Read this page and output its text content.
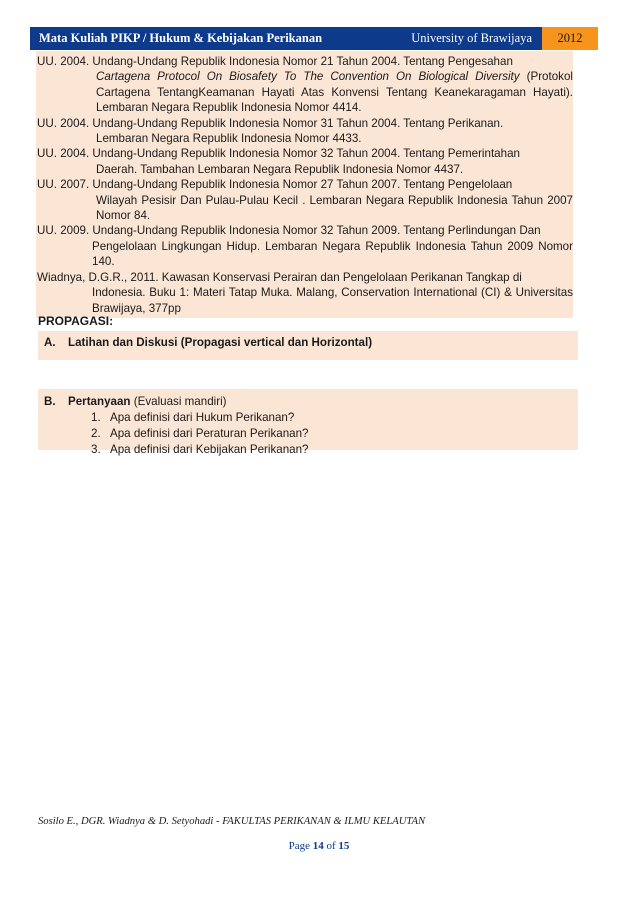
Mata Kuliah PIKP / Hukum & Kebijakan Perikanan	University of Brawijaya	2012
UU. 2004. Undang-Undang Republik Indonesia Nomor 21 Tahun 2004. Tentang Pengesahan
Cartagena Protocol On Biosafety To The Convention On Biological Diversity (Protokol Cartagena TentangKeamanan Hayati Atas Konvensi Tentang Keanekaragaman Hayati). Lembaran Negara Republik Indonesia Nomor 4414.
UU. 2004. Undang-Undang Republik Indonesia Nomor 31 Tahun 2004. Tentang Perikanan.
Lembaran Negara Republik Indonesia Nomor 4433.
UU. 2004. Undang-Undang Republik Indonesia Nomor 32 Tahun 2004. Tentang Pemerintahan
Daerah. Tambahan Lembaran Negara Republik Indonesia Nomor 4437.
UU. 2007. Undang-Undang Republik Indonesia Nomor 27 Tahun 2007. Tentang Pengelolaan
Wilayah Pesisir Dan Pulau-Pulau Kecil . Lembaran Negara Republik Indonesia Tahun 2007 Nomor 84.
UU. 2009. Undang-Undang Republik Indonesia Nomor 32 Tahun 2009. Tentang Perlindungan Dan
Pengelolaan Lingkungan Hidup. Lembaran Negara Republik Indonesia Tahun 2009 Nomor 140.
Wiadnya, D.G.R., 2011. Kawasan Konservasi Perairan dan Pengelolaan Perikanan Tangkap di
Indonesia. Buku 1: Materi Tatap Muka. Malang, Conservation International (CI) & Universitas Brawijaya, 377pp
PROPAGASI:
A.	Latihan dan Diskusi (Propagasi vertical dan Horizontal)
B.	Pertanyaan (Evaluasi mandiri)
1. Apa definisi dari Hukum Perikanan?
2. Apa definisi dari Peraturan Perikanan?
3. Apa definisi dari Kebijakan Perikanan?
Sosilo E., DGR. Wiadnya & D. Setyohadi - FAKULTAS PERIKANAN & ILMU KELAUTAN
Page 14 of 15
